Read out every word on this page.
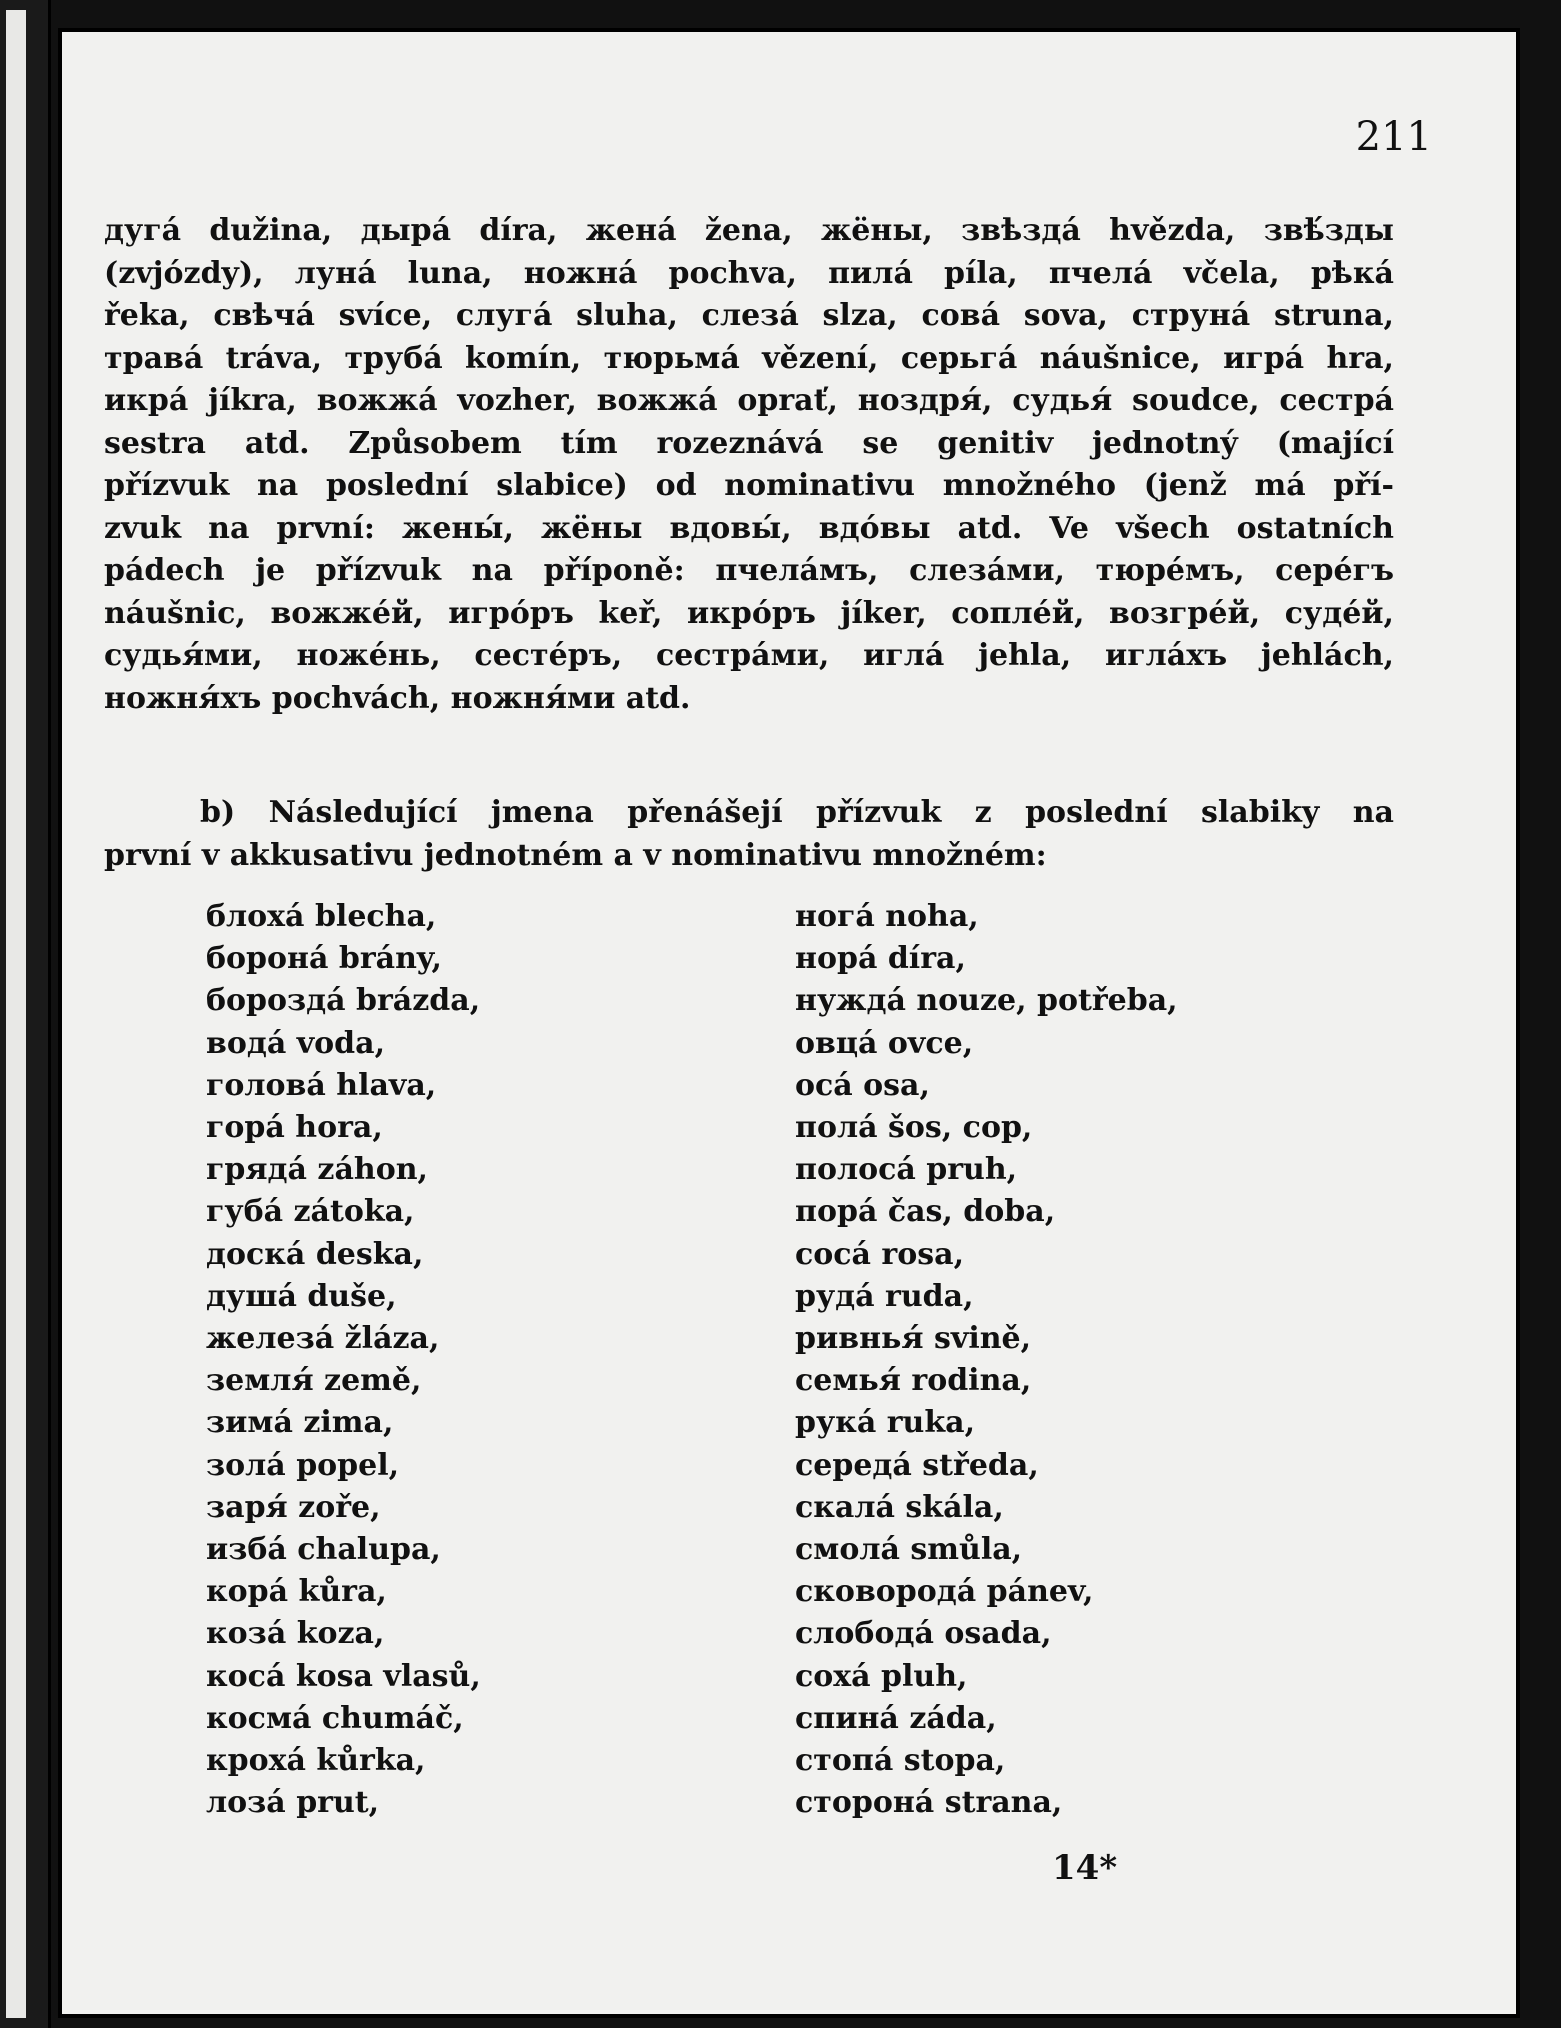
211
дуга́ dužina, дыра́ díra, жена́ žena, жёны, звѣзда́ hvězda, звѣ́зды
(zvjózdy), луна́ luna, ножна́ pochva, пила́ píla, пчела́ včela, рѣка́
řeka, свѣча́ svíce, слуга́ sluha, слеза́ slza, сова́ sova, струна́ struna,
трава́ tráva, труба́ komín, тюрьма́ vězení, серьга́ náušnice, игра́ hra,
икра́ jíkra, вожжа́ vozher, вожжа́ oprať, ноздря́, судья́ soudce, сестра́
sestra atd. Způsobem tím rozeznává se genitiv jednotný (mající
přízvuk na poslední slabice) od nominativu množného (jenž má pří-
zvuk na první: жены́, жёны вдовы́, вдо́вы atd. Ve všech ostatních
pádech je přízvuk na příponě: пчела́мъ, слеза́ми, тюре́мъ, сере́гъ
náušnic, вожже́й, игро́ръ keř, икро́ръ jíker, сопле́й, возгре́й, суде́й,
судья́ми, ноже́нь, сесте́ръ, сестра́ми, игла́ jehla, игла́хъ jehlách,
ножня́хъ pochvách, ножня́ми atd.
b) Následující jmena přenášejí přízvuk z poslední slabiky na
první v akkusativu jednotném a v nominativu množném:
блоха́ blecha,
борона́ brány,
борозда́ brázda,
вода́ voda,
голова́ hlava,
гора́ hora,
гряда́ záhon,
губа́ zátoka,
доска́ deska,
душа́ duše,
железа́ žláza,
земля́ země,
зима́ zima,
зола́ popel,
заря́ zoře,
изба́ chalupa,
кора́ kůra,
коза́ koza,
коса́ kosa vlasů,
косма́ chumáč,
кроха́ kůrka,
лоза́ prut,
нога́ noha,
нора́ díra,
нужда́ nouze, potřeba,
овца́ ovce,
оса́ osa,
пола́ šos, cop,
полоса́ pruh,
пора́ čas, doba,
coса́ rosa,
руда́ ruda,
ривнья́ svině,
семья́ rodina,
рука́ ruka,
середа́ středa,
скала́ skála,
смола́ smůla,
сковорода́ pánev,
слобода́ osada,
соха́ pluh,
спина́ záda,
стопа́ stopa,
сторона́ strana,
14*
